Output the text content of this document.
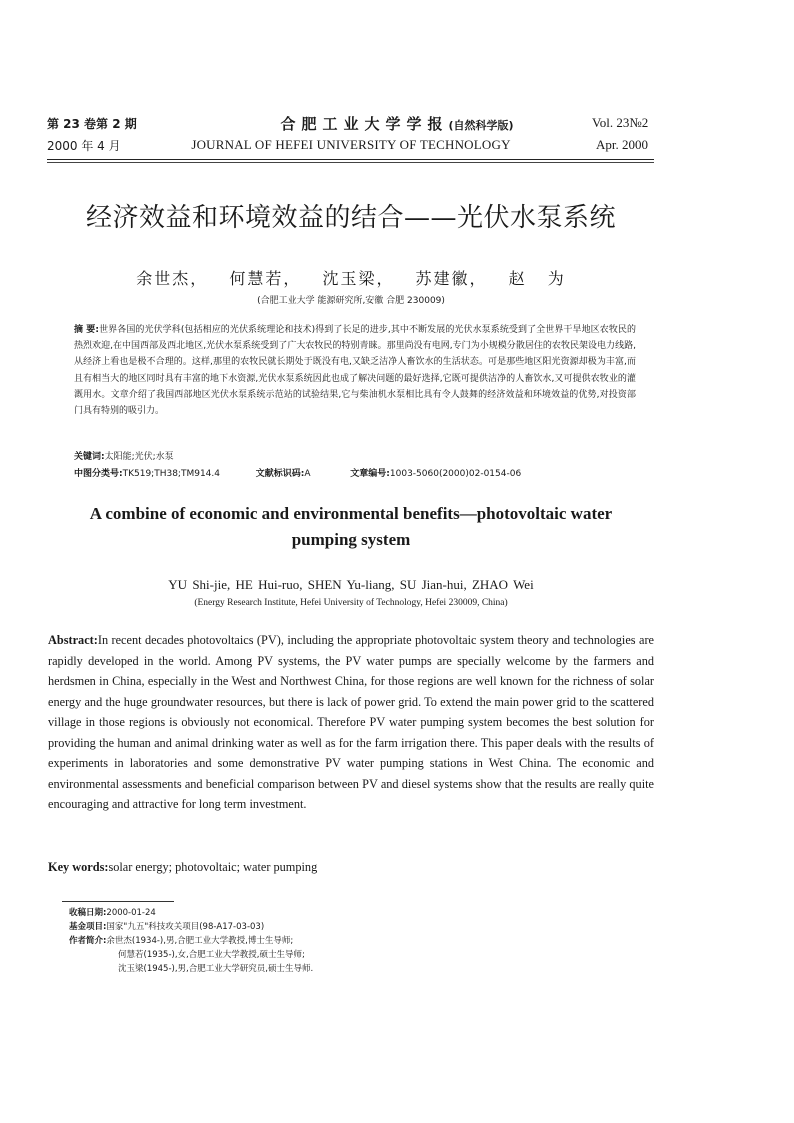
第 23 卷第 2 期
2000 年 4 月
合肥工业大学学报(自然科学版)
JOURNAL OF HEFEI UNIVERSITY OF TECHNOLOGY
Vol. 23№2
Apr. 2000
经济效益和环境效益的结合——光伏水泵系统
余世杰， 何慧若， 沈玉梁， 苏建徽， 赵 为
(合肥工业大学 能源研究所,安徽 合肥 230009)
摘 要:世界各国的光伏学科(包括相应的光伏系统理论和技术)得到了长足的进步,其中不断发展的光伏水泵系统受到了全世界干旱地区农牧民的热烈欢迎,在中国西部及西北地区,光伏水泵系统受到了广大农牧民的特别青睐。那里尚没有电网,专门为小规模分散居住的农牧民架设电力线路,从经济上看也是极不合理的。这样,那里的农牧民就长期处于既没有电,又缺乏洁净人畜饮水的生活状态。可是那些地区阳光资源却极为丰富,而且有相当大的地区同时具有丰富的地下水资源,光伏水泵系统因此也成了解决问题的最好选择,它既可提供洁净的人畜饮水,又可提供农牧业的灌溉用水。文章介绍了我国西部地区光伏水泵系统示范站的试验结果,它与柴油机水泵相比具有令人鼓舞的经济效益和环境效益的优势,对投资部门具有特别的吸引力。
关键词:太阳能;光伏;水泵
中图分类号:TK519;TH38;TM914.4	文献标识码:A	文章编号:1003-5060(2000)02-0154-06
A combine of economic and environmental benefits—photovoltaic water pumping system
YU Shi-jie, HE Hui-ruo, SHEN Yu-liang, SU Jian-hui, ZHAO Wei
(Energy Research Institute, Hefei University of Technology, Hefei 230009, China)
Abstract:In recent decades photovoltaics (PV), including the appropriate photovoltaic system theory and technologies are rapidly developed in the world. Among PV systems, the PV water pumps are specially welcome by the farmers and herdsmen in China, especially in the West and Northwest China, for those regions are well known for the richness of solar energy and the huge groundwater resources, but there is lack of power grid. To extend the main power grid to the scattered village in those regions is obviously not economical. Therefore PV water pumping system becomes the best solution for providing the human and animal drinking water as well as for the farm irrigation there. This paper deals with the results of experiments in laboratories and some demonstrative PV water pumping stations in West China. The economic and environmental assessments and beneficial comparison between PV and diesel systems show that the results are really quite encouraging and attractive for long term investment.
Key words:solar energy; photovoltaic; water pumping
收稿日期:2000-01-24
基金项目:国家"九五"科技攻关项目(98-A17-03-03)
作者简介:余世杰(1934-),男,合肥工业大学教授,博士生导师;
何慧若(1935-),女,合肥工业大学教授,硕士生导师;
沈玉梁(1945-),男,合肥工业大学研究员,硕士生导师.
